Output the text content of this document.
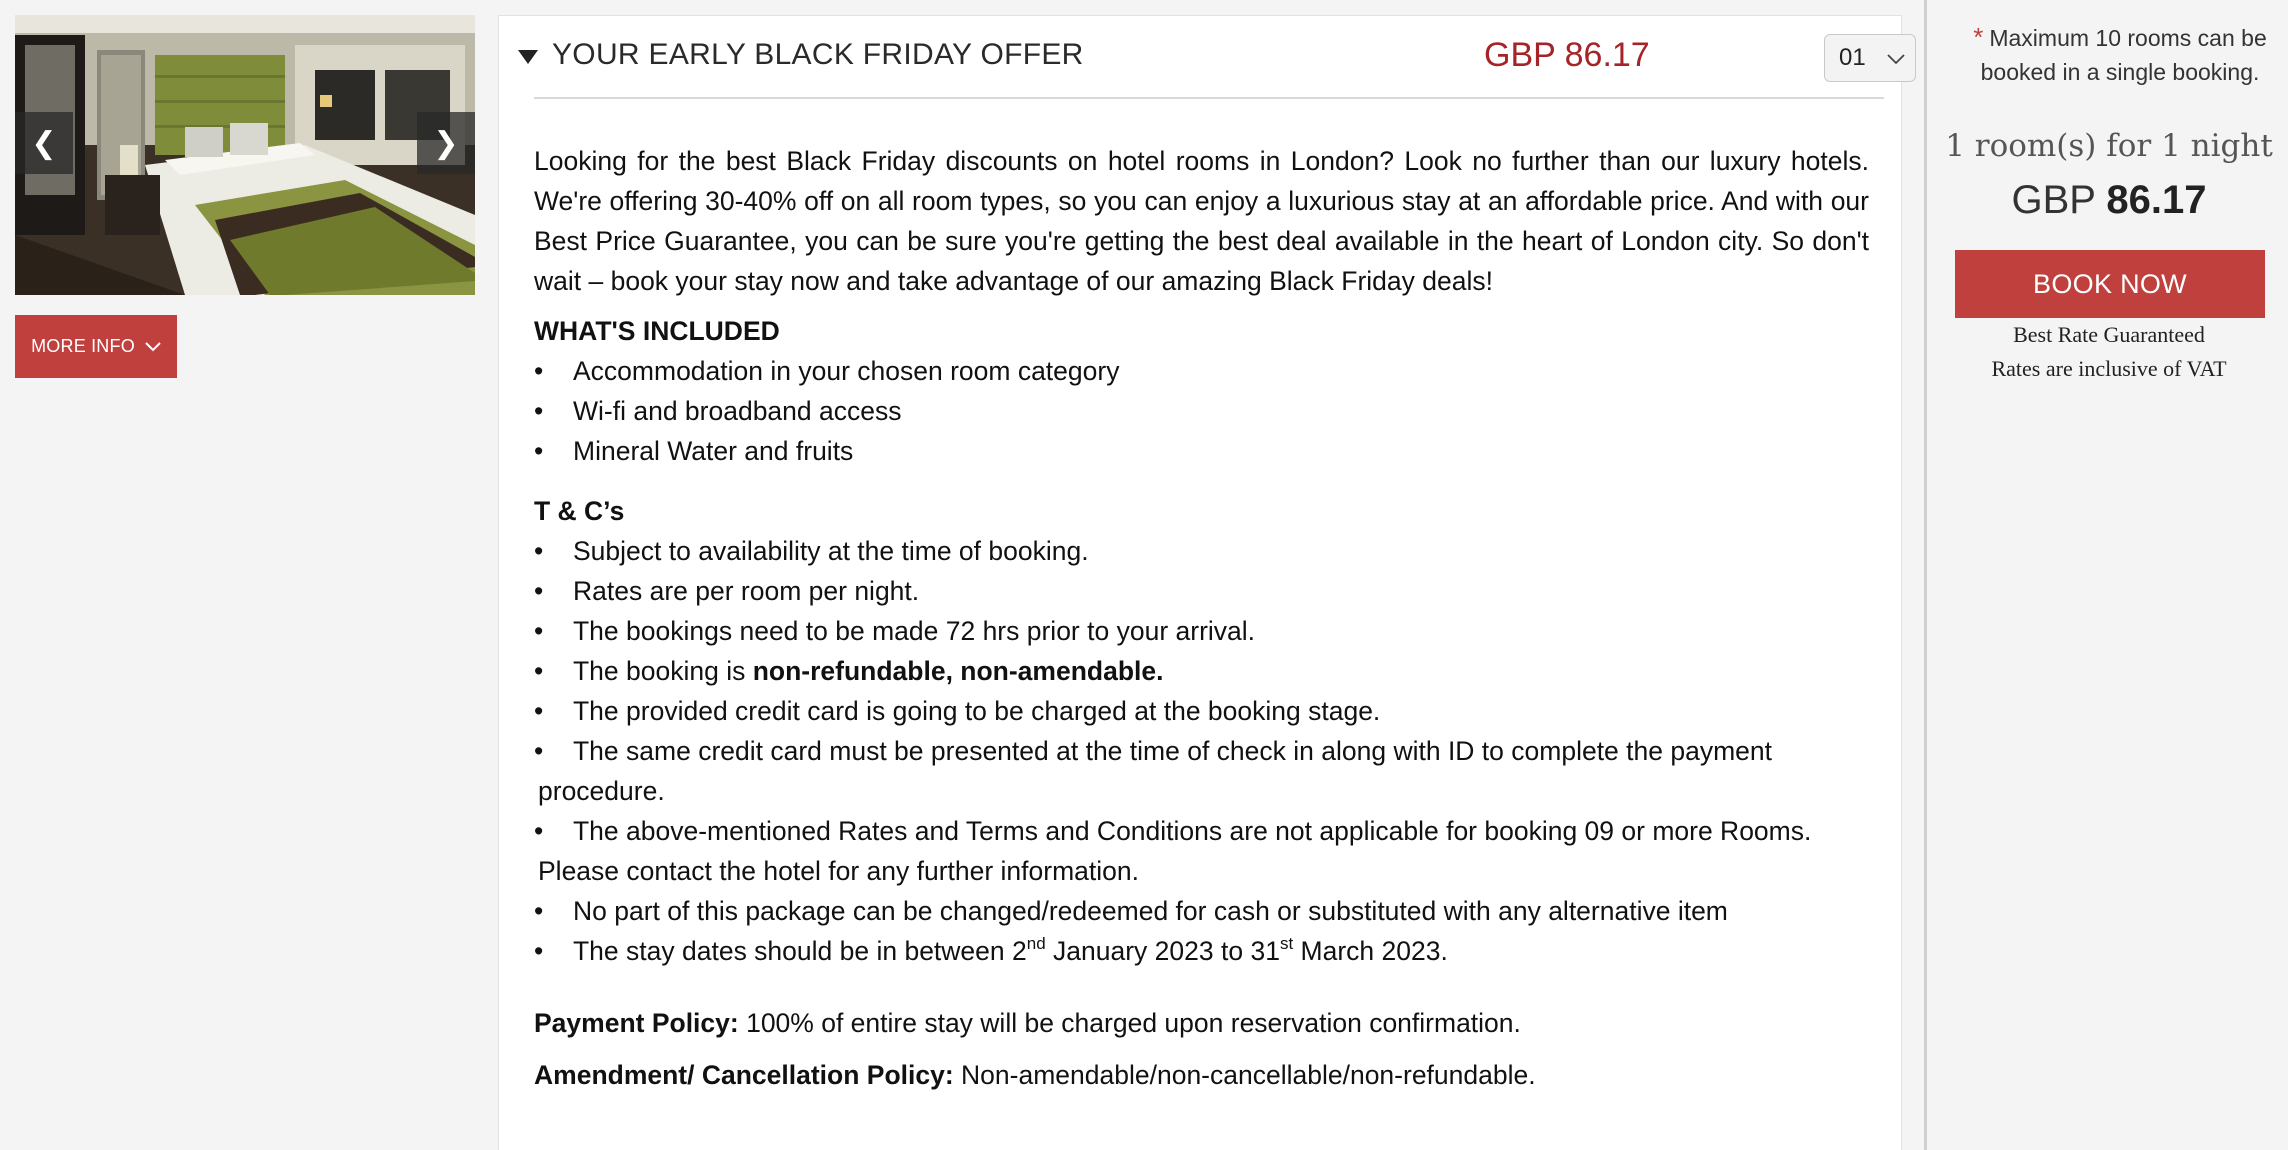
❮	❯
MORE INFO
YOUR EARLY BLACK FRIDAY OFFER	GBP 86.17	01

Looking for the best Black Friday discounts on hotel rooms in London? Look no further than our luxury hotels. We're offering 30-40% off on all room types, so you can enjoy a luxurious stay at an affordable price. And with our Best Price Guarantee, you can be sure you're getting the best deal available in the heart of London city. So don't wait – book your stay now and take advantage of our amazing Black Friday deals!

WHAT'S INCLUDED
• Accommodation in your chosen room category
• Wi-fi and broadband access
• Mineral Water and fruits
T & C’s
• Subject to availability at the time of booking.
• Rates are per room per night.
• The bookings need to be made 72 hrs prior to your arrival.
• The booking is non-refundable, non-amendable.
• The provided credit card is going to be charged at the booking stage.
• The same credit card must be presented at the time of check in along with ID to complete the payment
procedure.
• The above-mentioned Rates and Terms and Conditions are not applicable for booking 09 or more Rooms.
Please contact the hotel for any further information.
• No part of this package can be changed/redeemed for cash or substituted with any alternative item
• The stay dates should be in between 2nd January 2023 to 31st March 2023.

Payment Policy: 100% of entire stay will be charged upon reservation confirmation.

Amendment/ Cancellation Policy: Non-amendable/non-cancellable/non-refundable.

* Maximum 10 rooms can be booked in a single booking.
1 room(s) for 1 night
GBP 86.17
BOOK NOW
Best Rate Guaranteed
Rates are inclusive of VAT
